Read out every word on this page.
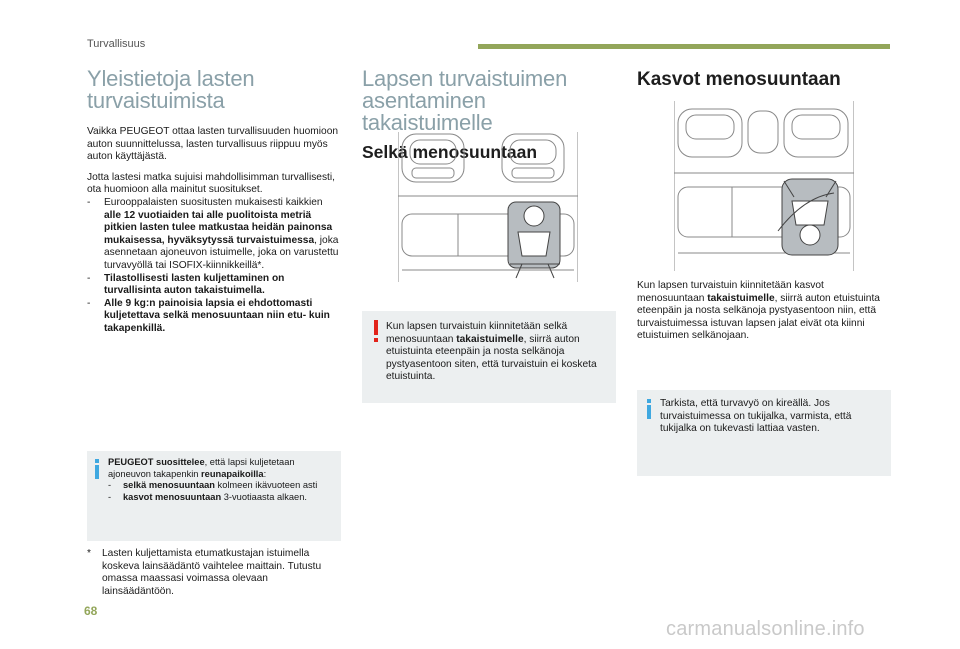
Turvallisuus
Yleistietoja lasten
turvaistuimista

Vaikka PEUGEOT ottaa lasten turvallisuuden huomioon auton suunnittelussa, lasten turvallisuus riippuu myös auton käyttäjästä.

Jotta lastesi matka sujuisi mahdollisimman turvallisesti, ota huomioon alla mainitut suositukset.

- Eurooppalaisten suositusten mukaisesti kaikkien alle 12 vuotiaiden tai alle puolitoista metriä pitkien lasten tulee matkustaa heidän painonsa mukaisessa, hyväksytyssä turvaistuimessa, joka asennetaan ajoneuvon istuimelle, joka on varustettu turvavyöllä tai ISOFIX-kiinnikkeillä*.
- Tilastollisesti lasten kuljettaminen on turvallisinta auton takaistuimella.
- Alle 9 kg:n painoisia lapsia ei ehdottomasti kuljetettava selkä menosuuntaan niin etu- kuin takapenkillä.
PEUGEOT suosittelee, että lapsi kuljetetaan ajoneuvon takapenkin reunapaikoilla:
- selkä menosuuntaan kolmeen ikävuoteen asti
- kasvot menosuuntaan 3-vuotiaasta alkaen.
* Lasten kuljettamista etumatkustajan istuimella koskeva lainsäädäntö vaihtelee maittain. Tutustu omassa maassasi voimassa olevaan lainsäädäntöön.
Lapsen turvaistuimen
asentaminen takaistuimelle
Selkä menosuuntaan

Kun lapsen turvaistuin kiinnitetään selkä menosuuntaan takaistuimelle, siirrä auton etuistuinta eteenpäin ja nosta selkänoja pystyasentoon siten, että turvaistuin ei kosketa etuistuinta.

Kasvot menosuuntaan

Kun lapsen turvaistuin kiinnitetään kasvot menosuuntaan takaistuimelle, siirrä auton etuistuinta eteenpäin ja nosta selkänoja pystyasentoon niin, että turvaistuimessa istuvan lapsen jalat eivät ota kiinni etuistuimen selkänojaan.

Tarkista, että turvavyö on kireällä. Jos turvaistuimessa on tukijalka, varmista, että tukijalka on tukevasti lattiaa vasten.

68
carmanualsonline.info
